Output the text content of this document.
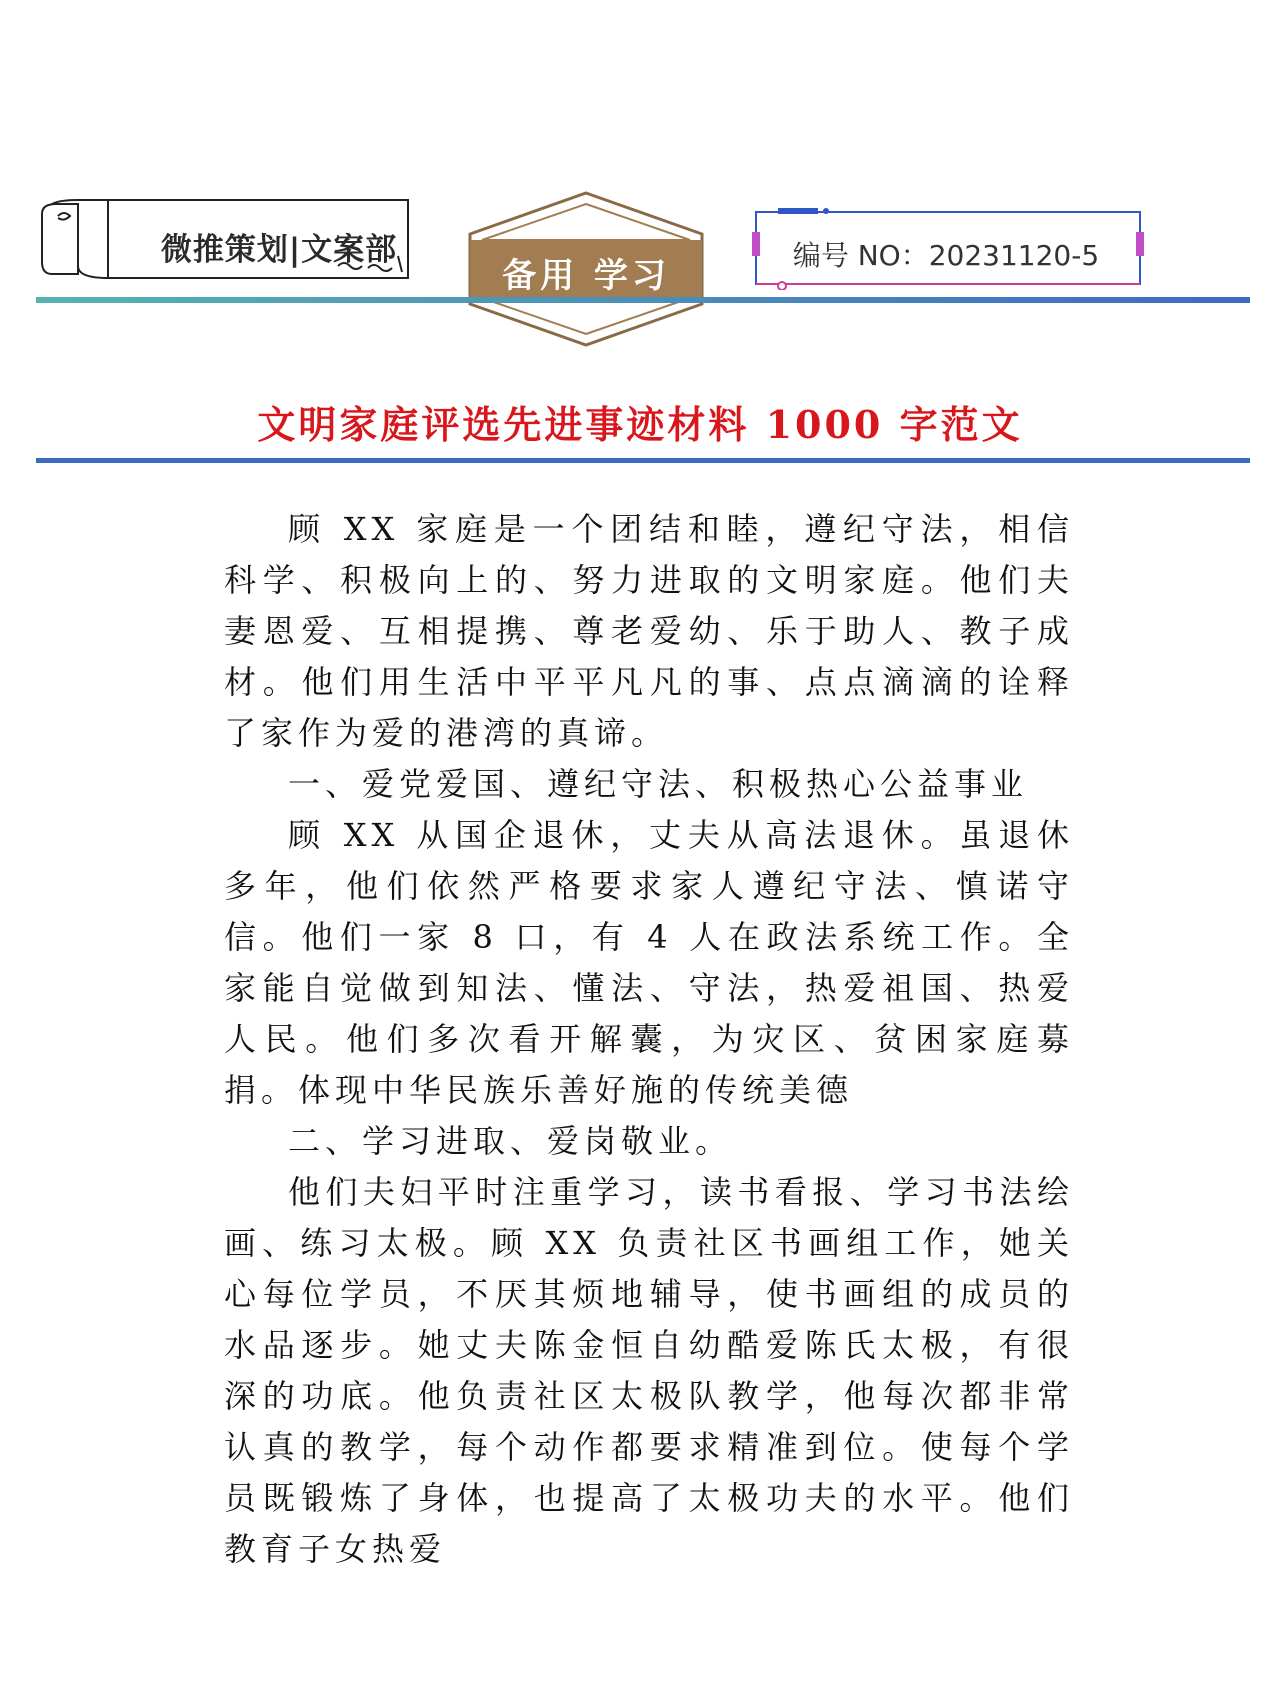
微推策划|文案部
备用 学习
编号 NO：20231120-5
文明家庭评选先进事迹材料 1000 字范文

顾 XX 家庭是一个团结和睦，遵纪守法，相信科学、积极向上的、努力进取的文明家庭。他们夫妻恩爱、互相提携、尊老爱幼、乐于助人、教子成材。他们用生活中平平凡凡的事、点点滴滴的诠释了家作为爱的港湾的真谛。

一、爱党爱国、遵纪守法、积极热心公益事业

顾 XX 从国企退休，丈夫从高法退休。虽退休多年，他们依然严格要求家人遵纪守法、慎诺守信。他们一家 8 口，有 4 人在政法系统工作。全家能自觉做到知法、懂法、守法，热爱祖国、热爱人民。他们多次看开解囊，为灾区、贫困家庭募捐。体现中华民族乐善好施的传统美德

二、学习进取、爱岗敬业。

他们夫妇平时注重学习，读书看报、学习书法绘画、练习太极。顾 XX 负责社区书画组工作，她关心每位学员，不厌其烦地辅导，使书画组的成员的水品逐步。她丈夫陈金恒自幼酷爱陈氏太极，有很深的功底。他负责社区太极队教学，他每次都非常认真的教学，每个动作都要求精准到位。使每个学员既锻炼了身体，也提高了太极功夫的水平。他们教育子女热爱
